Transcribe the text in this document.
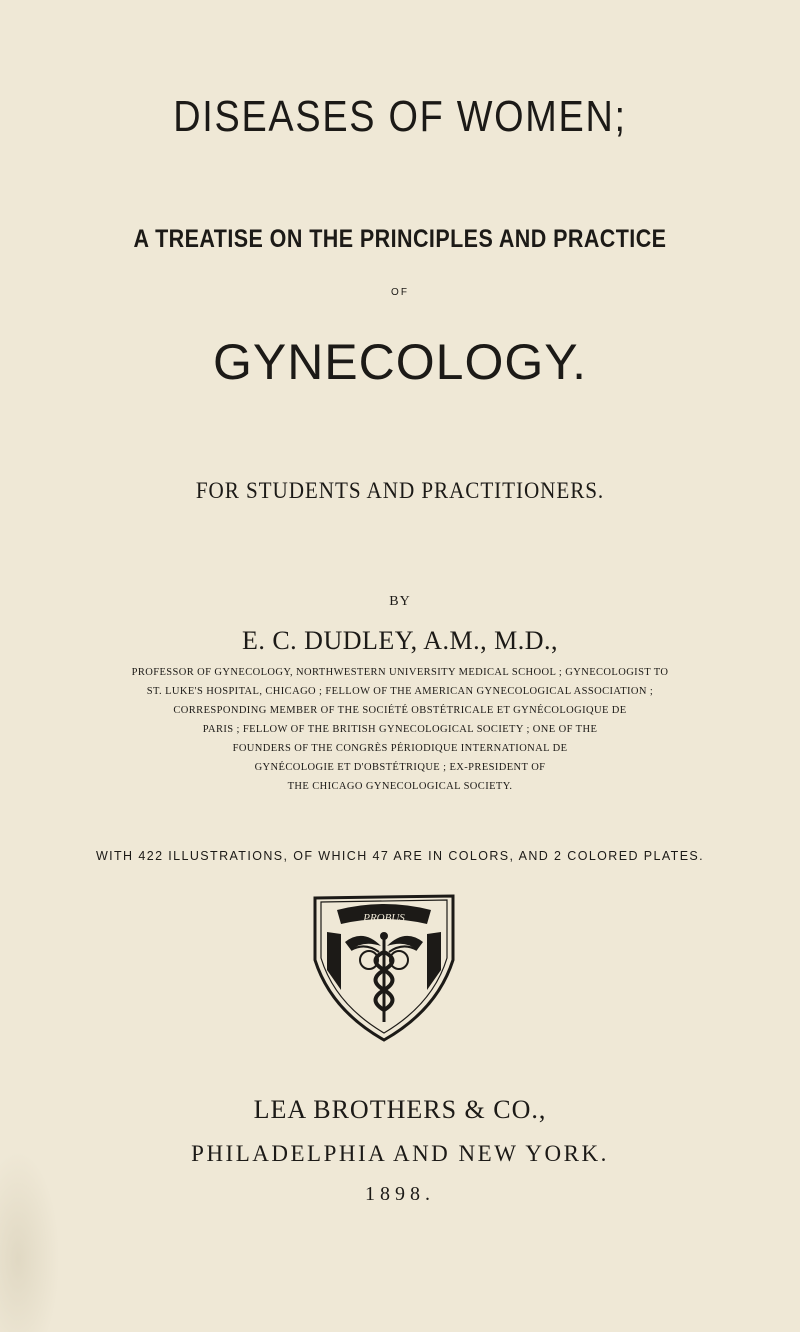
DISEASES OF WOMEN;
A TREATISE ON THE PRINCIPLES AND PRACTICE
OF
GYNECOLOGY.
FOR STUDENTS AND PRACTITIONERS.
BY
E. C. DUDLEY, A.M., M.D.,
PROFESSOR OF GYNECOLOGY, NORTHWESTERN UNIVERSITY MEDICAL SCHOOL ; GYNECOLOGIST TO
ST. LUKE'S HOSPITAL, CHICAGO ; FELLOW OF THE AMERICAN GYNECOLOGICAL ASSOCIATION ;
CORRESPONDING MEMBER OF THE SOCIÉTÉ OBSTÉTRICALE ET GYNÉCOLOGIQUE DE
PARIS ; FELLOW OF THE BRITISH GYNECOLOGICAL SOCIETY ; ONE OF THE
FOUNDERS OF THE CONGRÈS PÉRIODIQUE INTERNATIONAL DE
GYNÉCOLOGIE ET D'OBSTÉTRIQUE ; EX-PRESIDENT OF
THE CHICAGO GYNECOLOGICAL SOCIETY.
WITH 422 ILLUSTRATIONS, OF WHICH 47 ARE IN COLORS, AND 2 COLORED PLATES.
PROBUS
LEA BROTHERS & CO.,
PHILADELPHIA AND NEW YORK.
1898.
